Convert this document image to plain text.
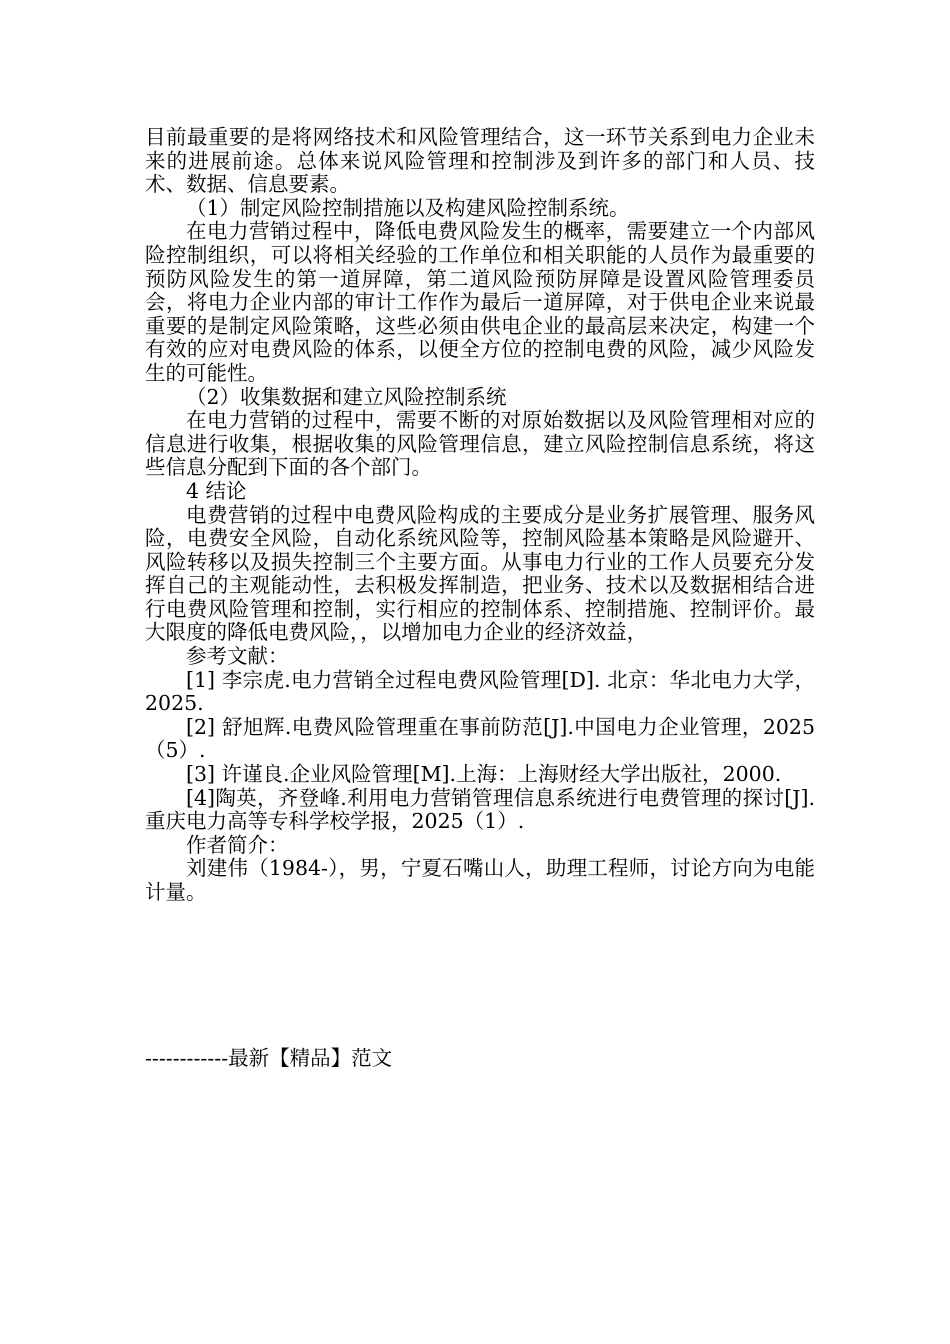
目前最重要的是将网络技术和风险管理结合，这一环节关系到电力企业未来的进展前途。总体来说风险管理和控制涉及到许多的部门和人员、技术、数据、信息要素。

（1）制定风险控制措施以及构建风险控制系统。

在电力营销过程中，降低电费风险发生的概率，需要建立一个内部风险控制组织，可以将相关经验的工作单位和相关职能的人员作为最重要的预防风险发生的第一道屏障，第二道风险预防屏障是设置风险管理委员会，将电力企业内部的审计工作作为最后一道屏障，对于供电企业来说最重要的是制定风险策略，这些必须由供电企业的最高层来决定，构建一个有效的应对电费风险的体系，以便全方位的控制电费的风险，减少风险发生的可能性。

（2）收集数据和建立风险控制系统

在电力营销的过程中，需要不断的对原始数据以及风险管理相对应的信息进行收集，根据收集的风险管理信息，建立风险控制信息系统，将这些信息分配到下面的各个部门。

4 结论

电费营销的过程中电费风险构成的主要成分是业务扩展管理、服务风险，电费安全风险，自动化系统风险等，控制风险基本策略是风险避开、风险转移以及损失控制三个主要方面。从事电力行业的工作人员要充分发挥自己的主观能动性，去积极发挥制造，把业务、技术以及数据相结合进行电费风险管理和控制，实行相应的控制体系、控制措施、控制评价。最大限度的降低电费风险，，以增加电力企业的经济效益，

参考文献：

[1] 李宗虎.电力营销全过程电费风险管理[D]. 北京：华北电力大学，2025.

[2] 舒旭辉.电费风险管理重在事前防范[J].中国电力企业管理，2025（5）.

[3] 许谨良.企业风险管理[M].上海：上海财经大学出版社，2000.

[4]陶英，齐登峰.利用电力营销管理信息系统进行电费管理的探讨[J].重庆电力高等专科学校学报，2025（1）.

作者简介：

刘建伟（1984-），男，宁夏石嘴山人，助理工程师，讨论方向为电能计量。

------------最新【精品】范文
